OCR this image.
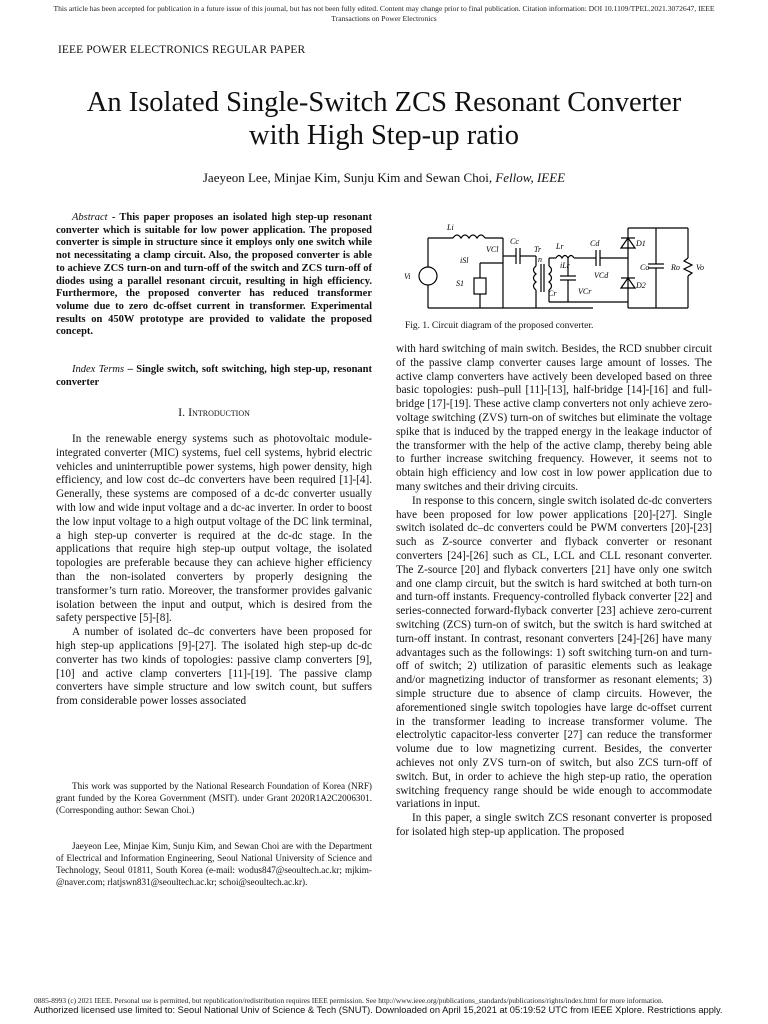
This article has been accepted for publication in a future issue of this journal, but has not been fully edited. Content may change prior to final publication. Citation information: DOI 10.1109/TPEL.2021.3072647, IEEE
Transactions on Power Electronics
IEEE POWER ELECTRONICS REGULAR PAPER
An Isolated Single-Switch ZCS Resonant Converter
with High Step-up ratio
Jaeyeon Lee, Minjae Kim, Sunju Kim and Sewan Choi, Fellow, IEEE

Abstract - This paper proposes an isolated high step-up resonant converter which is suitable for low power application. The proposed converter is simple in structure since it employs only one switch while not necessitating a clamp circuit. Also, the proposed converter is able to achieve ZCS turn-on and turn-off of the switch and ZCS turn-off of diodes using a parallel resonant circuit, resulting in high efficiency. Furthermore, the proposed converter has reduced transformer volume due to zero dc-offset current in transformer. Experimental results on 450W prototype are provided to validate the proposed concept.

Index Terms – Single switch, soft switching, high step-up, resonant converter

I. Introduction

In the renewable energy systems such as photovoltaic module-integrated converter (MIC) systems, fuel cell systems, hybrid electric vehicles and uninterruptible power systems, high power density, high efficiency, and low cost dc–dc converters have been required [1]-[4]. Generally, these systems are composed of a dc-dc converter usually with low and wide input voltage and a dc-ac inverter. In order to boost the low input voltage to a high output voltage of the DC link terminal, a high step-up converter is required at the dc-dc stage. In the applications that require high step-up output voltage, the isolated topologies are preferable because they can achieve higher efficiency than the non-isolated converters by properly designing the transformer’s turn ratio. Moreover, the transformer provides galvanic isolation between the input and output, which is desired from the safety perspective [5]-[8].

A number of isolated dc–dc converters have been proposed for high step-up applications [9]-[27]. The isolated high step-up dc-dc converter has two kinds of topologies: passive clamp converters [9], [10] and active clamp converters [11]-[19]. The passive clamp converters have simple structure and low switch count, but suffers from considerable power losses associated

This work was supported by the National Research Foundation of Korea (NRF) grant funded by the Korea Government (MSIT). under Grant 2020R1A2C2006301. (Corresponding author: Sewan Choi.)

Jaeyeon Lee, Minjae Kim, Sunju Kim, and Sewan Choi are with the Department of Electrical and Information Engineering, Seoul National University of Science and Technology, Seoul 01811, South Korea (e-mail: wodus847@seoultech.ac.kr; mjkim-@naver.com; rlatjswn831@seoultech.ac.kr; schoi@seoultech.ac.kr).

Li
iSl
VCl
Cc
Tr
n
Lr
iLr
Cr	VCr
Cd
VCd
D1
D2
Co	Ro Vo
Vi
S1
Fig. 1. Circuit diagram of the proposed converter.

with hard switching of main switch. Besides, the RCD snubber circuit of the passive clamp converter causes large amount of losses. The active clamp converters have actively been developed based on three basic topologies: push–pull [11]-[13], half-bridge [14]-[16] and full-bridge [17]-[19]. These active clamp converters not only achieve zero-voltage switching (ZVS) turn-on of switches but eliminate the voltage spike that is induced by the trapped energy in the leakage inductor of the transformer with the help of the active clamp, thereby being able to further increase switching frequency. However, it seems not to obtain high efficiency and low cost in low power application due to many switches and their driving circuits.

In response to this concern, single switch isolated dc-dc converters have been proposed for low power applications [20]-[27]. Single switch isolated dc–dc converters could be PWM converters [20]-[23] such as Z-source converter and flyback converter or resonant converters [24]-[26] such as CL, LCL and CLL resonant converter. The Z-source [20] and flyback converters [21] have only one switch and one clamp circuit, but the switch is hard switched at both turn-on and turn-off instants. Frequency-controlled flyback converter [22] and series-connected forward-flyback converter [23] achieve zero-current switching (ZCS) turn-on of switch, but the switch is hard switched at turn-off instant. In contrast, resonant converters [24]-[26] have many advantages such as the followings: 1) soft switching turn-on and turn-off of switch; 2) utilization of parasitic elements such as leakage and/or magnetizing inductor of transformer as resonant elements; 3) simple structure due to absence of clamp circuits. However, the aforementioned single switch topologies have large dc-offset current in the transformer leading to increase transformer volume. The electrolytic capacitor-less converter [27] can reduce the transformer volume due to low magnetizing current. Besides, the converter achieves not only ZVS turn-on of switch, but also ZCS turn-off of switch. But, in order to achieve the high step-up ratio, the operation switching frequency range should be wide enough to accommodate variations in input.

In this paper, a single switch ZCS resonant converter is proposed for isolated high step-up application. The proposed

0885-8993 (c) 2021 IEEE. Personal use is permitted, but republication/redistribution requires IEEE permission. See http://www.ieee.org/publications_standards/publications/rights/index.html for more information.
Authorized licensed use limited to: Seoul National Univ of Science & Tech (SNUT). Downloaded on April 15,2021 at 05:19:52 UTC from IEEE Xplore. Restrictions apply.
